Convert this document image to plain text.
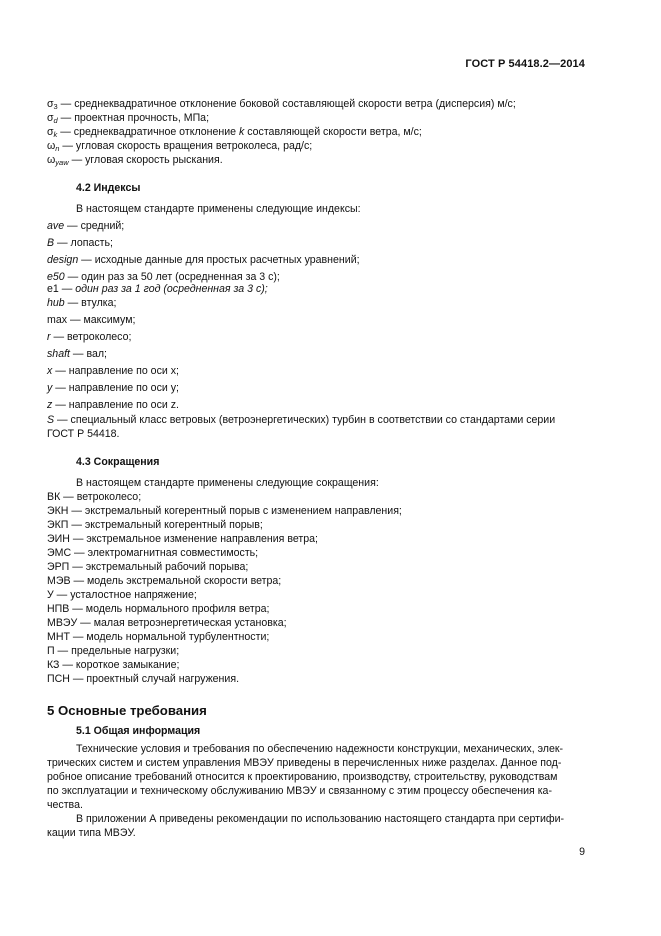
ГОСТ Р 54418.2—2014
$\sigma_3$ — среднеквадратичное отклонение боковой составляющей скорости ветра (дисперсия) м/с;
$\sigma_d$ — проектная прочность, МПа;
$\sigma_k$ — среднеквадратичное отклонение k составляющей скорости ветра, м/с;
$\omega_n$ — угловая скорость вращения ветроколеса, рад/с;
$\omega_{yaw}$ — угловая скорость рыскания.
4.2 Индексы
В настоящем стандарте применены следующие индексы:
ave — средний;
B — лопасть;
design — исходные данные для простых расчетных уравнений;
e50 — один раз за 50 лет (осредненная за 3 с);
e1 — один раз за 1 год (осредненная за 3 с);
hub — втулка;
max — максимум;
r — ветроколесо;
shaft — вал;
x — направление по оси x;
y — направление по оси y;
z — направление по оси z.
S — специальный класс ветровых (ветроэнергетических) турбин в соответствии со стандартами серии
ГОСТ Р 54418.
4.3 Сокращения
В настоящем стандарте применены следующие сокращения:
ВК — ветроколесо;
ЭКН — экстремальный когерентный порыв с изменением направления;
ЭКП — экстремальный когерентный порыв;
ЭИН — экстремальное изменение направления ветра;
ЭМС — электромагнитная совместимость;
ЭРП — экстремальный рабочий порыва;
МЭВ — модель экстремальной скорости ветра;
У — усталостное напряжение;
НПВ — модель нормального профиля ветра;
МВЭУ — малая ветроэнергетическая установка;
МНТ — модель нормальной турбулентности;
П — предельные нагрузки;
КЗ — короткое замыкание;
ПСН — проектный случай нагружения.
5 Основные требования
5.1 Общая информация
Технические условия и требования по обеспечению надежности конструкции, механических, элек-
трических систем и систем управления МВЭУ приведены в перечисленных ниже разделах. Данное под-
робное описание требований относится к проектированию, производству, строительству, руководствам
по эксплуатации и техническому обслуживанию МВЭУ и связанному с этим процессу обеспечения ка-
чества.
В приложении А приведены рекомендации по использованию настоящего стандарта при сертифи-
кации типа МВЭУ.
9
